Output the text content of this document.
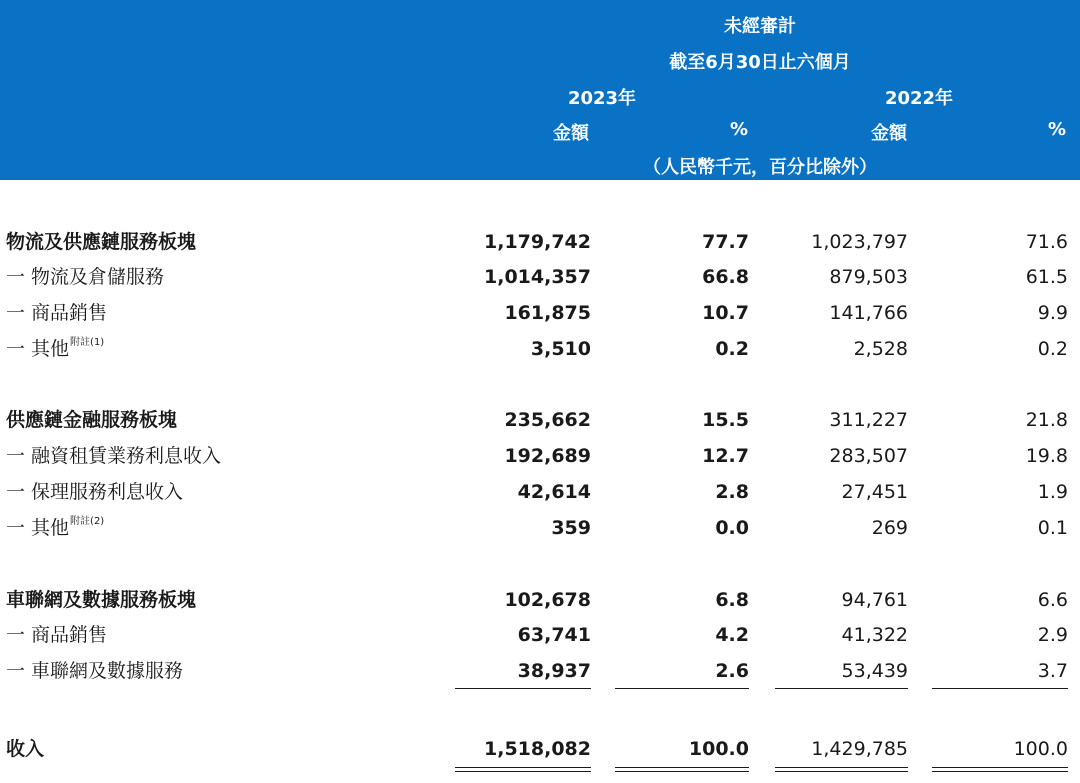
未經審計
截至6月30日止六個月
2023年	2022年
金額	%	金額	%
（人民幣千元，百分比除外）
物流及供應鏈服務板塊	1,179,742	77.7	1,023,797	71.6
一 物流及倉儲服務	1,014,357	66.8	879,503	61.5
一 商品銷售	161,875	10.7	141,766	9.9
一 其他$^{附註(1)}$	3,510	0.2	2,528	0.2
供應鏈金融服務板塊	235,662	15.5	311,227	21.8
一 融資租賃業務利息收入	192,689	12.7	283,507	19.8
一 保理服務利息收入	42,614	2.8	27,451	1.9
一 其他$^{附註(2)}$	359	0.0	269	0.1
車聯網及數據服務板塊	102,678	6.8	94,761	6.6
一 商品銷售	63,741	4.2	41,322	2.9
一 車聯網及數據服務	38,937	2.6	53,439	3.7
收入	1,518,082	100.0	1,429,785	100.0
